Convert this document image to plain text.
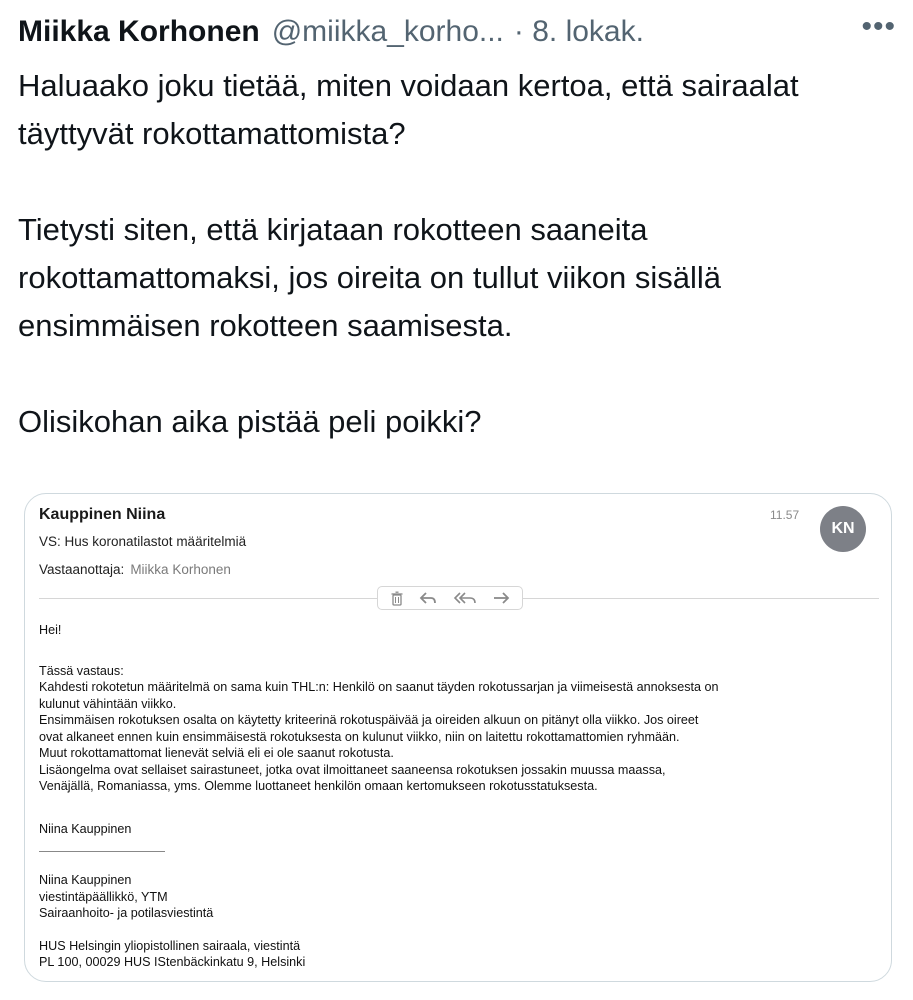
Miikka Korhonen @miikka_korho... · 8. lokak.	•••

Haluaako joku tietää, miten voidaan kertoa, että sairaalat täyttyvät rokottamattomista?

Tietysti siten, että kirjataan rokotteen saaneita rokottamattomaksi, jos oireita on tullut viikon sisällä ensimmäisen rokotteen saamisesta.

Olisikohan aika pistää peli poikki?

Kauppinen Niina	11.57
KN
VS: Hus koronatilastot määritelmiä
Vastaanottaja: Miikka Korhonen
Hei!
Tässä vastaus:
Kahdesti rokotetun määritelmä on sama kuin THL:n: Henkilö on saanut täyden rokotussarjan ja viimeisestä annoksesta on
kulunut vähintään viikko.
Ensimmäisen rokotuksen osalta on käytetty kriteerinä rokotuspäivää ja oireiden alkuun on pitänyt olla viikko. Jos oireet
ovat alkaneet ennen kuin ensimmäisestä rokotuksesta on kulunut viikko, niin on laitettu rokottamattomien ryhmään.
Muut rokottamattomat lienevät selviä eli ei ole saanut rokotusta.
Lisäongelma ovat sellaiset sairastuneet, jotka ovat ilmoittaneet saaneensa rokotuksen jossakin muussa maassa,
Venäjällä, Romaniassa, yms. Olemme luottaneet henkilön omaan kertomukseen rokotusstatuksesta.
Niina Kauppinen
Niina Kauppinen
viestintäpäällikkö, YTM
Sairaanhoito- ja potilasviestintä
HUS Helsingin yliopistollinen sairaala, viestintä
PL 100, 00029 HUS IStenbäckinkatu 9, Helsinki
